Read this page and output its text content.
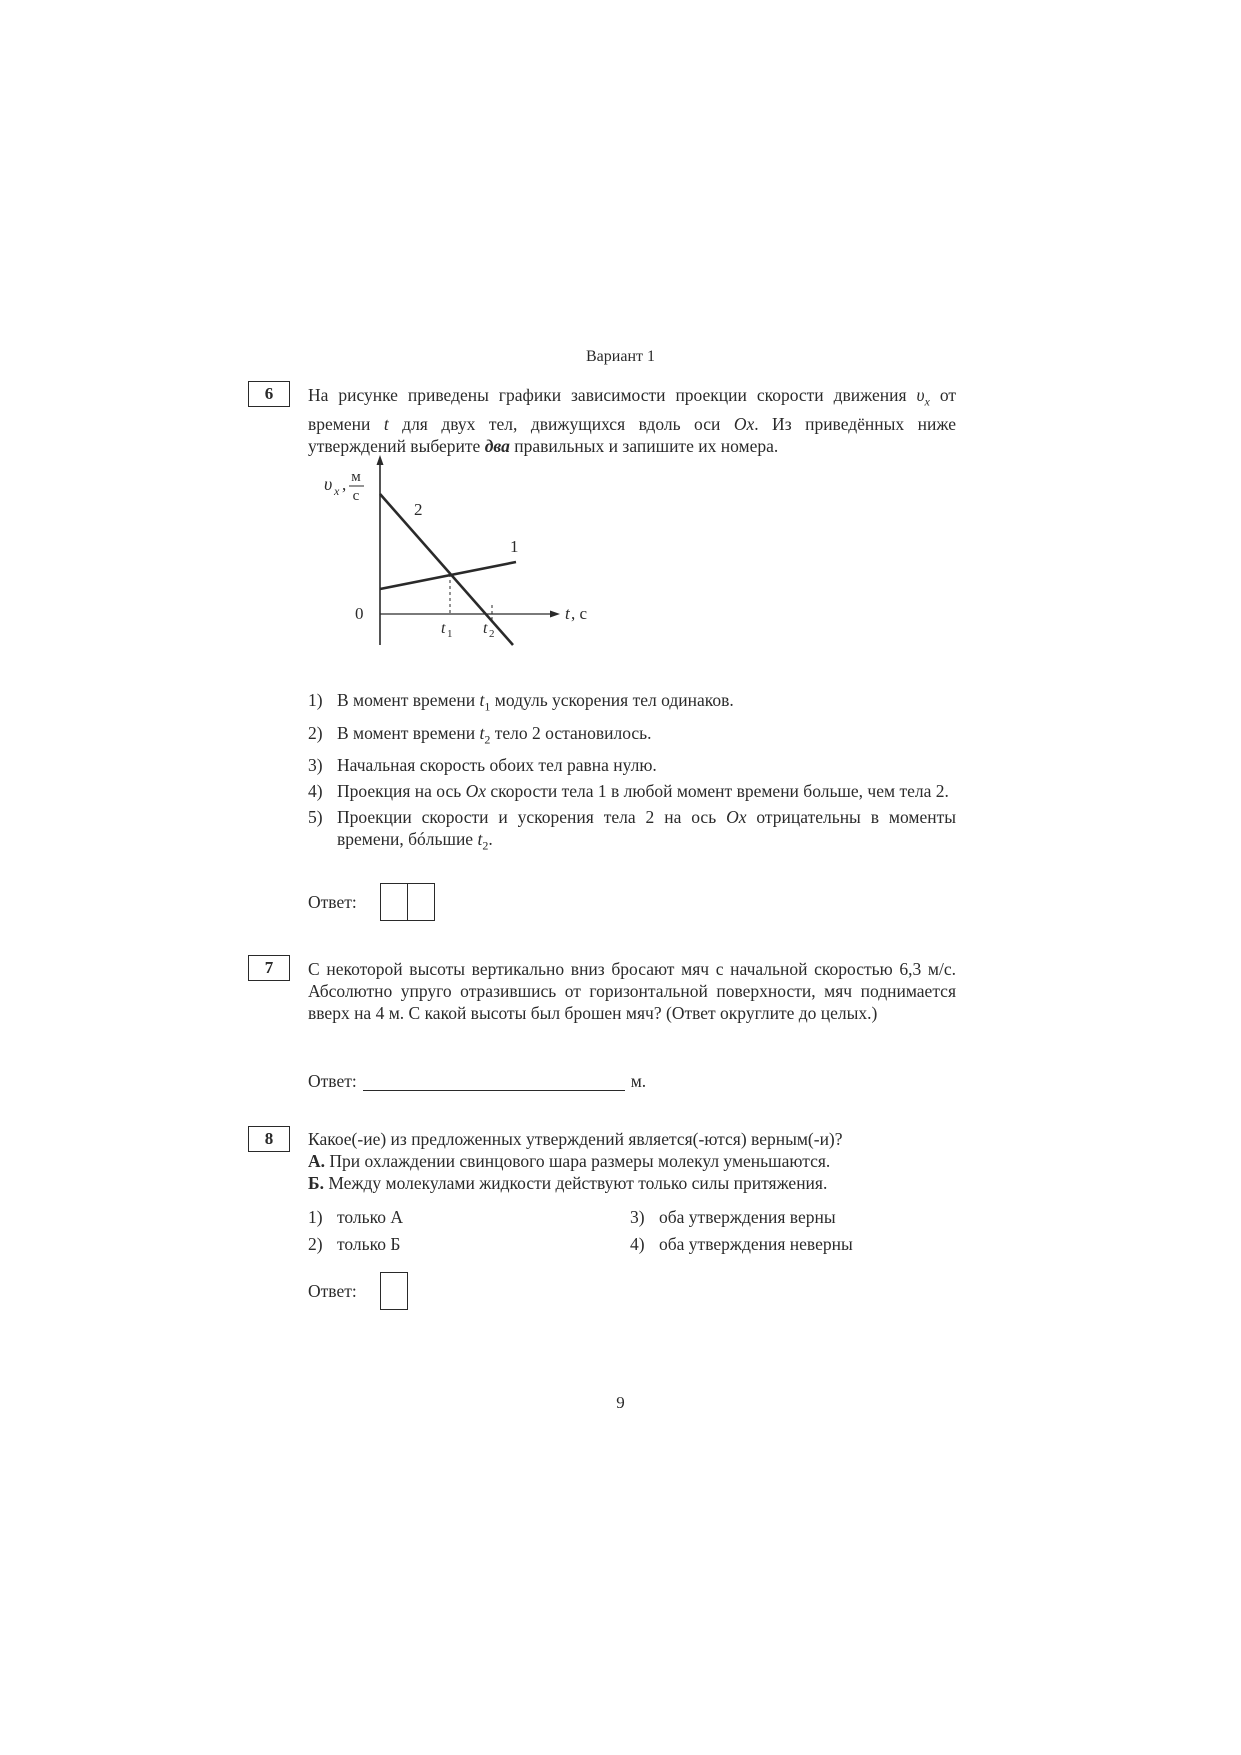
Вариант 1
6	На рисунке приведены графики зависимости проекции скорости движения $\upsilon_x$ от времени t для двух тел, движущихся вдоль оси Ox. Из приведённых ниже утверждений выберите два правильных и запишите их номера.

υ x , м
с
2
1
0	t , с
t 1 t 2
1) В момент времени $t_1$ модуль ускорения тел одинаков.
2) В момент времени $t_2$ тело 2 остановилось.
3) Начальная скорость обоих тел равна нулю.
4) Проекция на ось Ox скорости тела 1 в любой момент времени больше, чем тела 2.
5) Проекции скорости и ускорения тела 2 на ось Ox отрицательны в моменты времени, бóльшие $t_2$.
Ответ:
7	С некоторой высоты вертикально вниз бросают мяч с начальной скоростью 6,3 м/с. Абсолютно упруго отразившись от горизонтальной поверхности, мяч поднимается вверх на 4 м. С какой высоты был брошен мяч? (Ответ округлите до целых.)
Ответ:	м.
8	Какое(-ие) из предложенных утверждений является(-ются) верным(-и)?

А. При охлаждении свинцового шара размеры молекул уменьшаются.

Б. Между молекулами жидкости действуют только силы притяжения.

1) только А	3) оба утверждения верны
2) только Б	4) оба утверждения неверны
Ответ:
9
